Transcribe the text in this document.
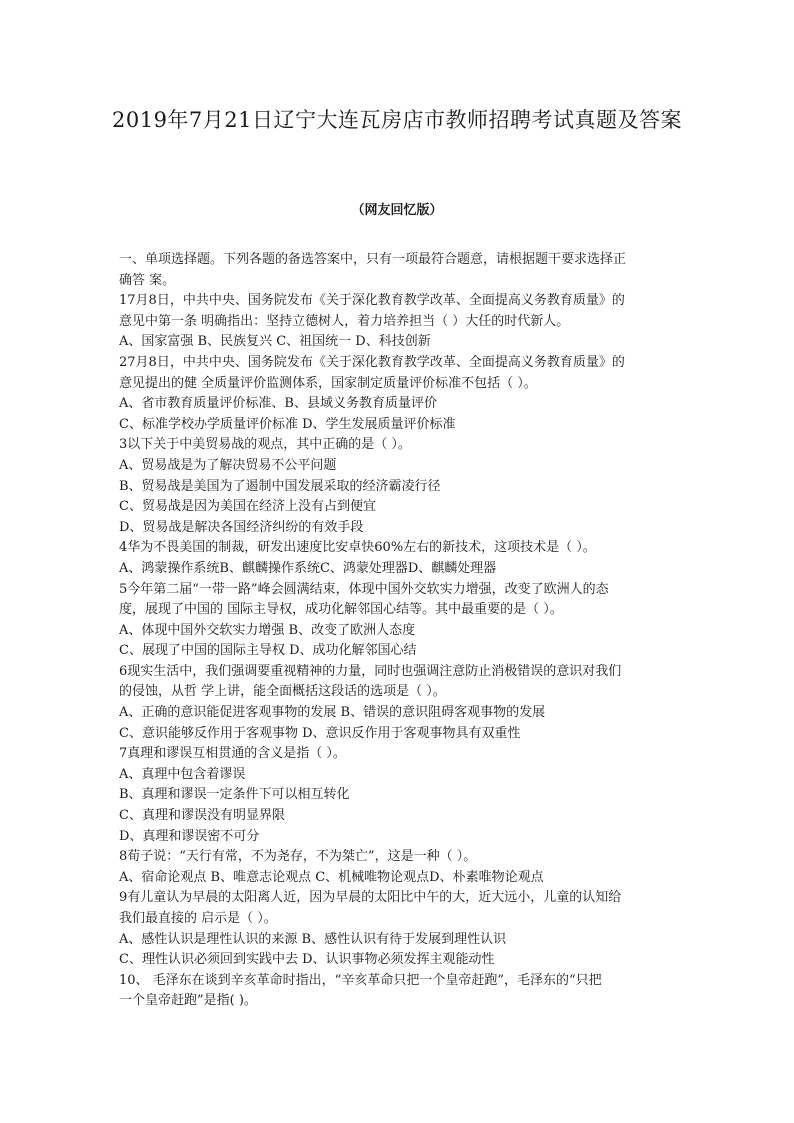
2019年7月21日辽宁大连瓦房店市教师招聘考试真题及答案
（网友回忆版）
一、单项选择题。下列各题的备选答案中，只有一项最符合题意，请根据题干要求选择正
确答 案。
17月8日，中共中央、国务院发布《关于深化教育教学改革、全面提高义务教育质量》的
意见中第一条 明确指出：坚持立德树人，着力培养担当（ ）大任的时代新人。
A、国家富强 B、民族复兴 C、祖国统一 D、科技创新
27月8日，中共中央、国务院发布《关于深化教育教学改革、全面提高义务教育质量》的
意见提出的健 全质量评价监测体系，国家制定质量评价标准不包括（ ）。
A、省市教育质量评价标准、B、县域义务教育质量评价
C、标准学校办学质量评价标准 D、学生发展质量评价标准
3以下关于中美贸易战的观点，其中正确的是（ ）。
A、贸易战是为了解决贸易不公平问题
B、贸易战是美国为了遏制中国发展采取的经济霸凌行径
C、贸易战是因为美国在经济上没有占到便宜
D、贸易战是解决各国经济纠纷的有效手段
4华为不畏美国的制裁，研发出速度比安卓快60%左右的新技术，这项技术是（ ）。
A、鸿蒙操作系统B、麒麟操作系统C、鸿蒙处理器D、麒麟处理器
5今年第二届“一带一路”峰会圆满结束，体现中国外交软实力增强，改变了欧洲人的态
度，展现了中国的 国际主导权，成功化解邻国心结等。其中最重要的是（ ）。
A、体现中国外交软实力增强 B、改变了欧洲人态度
C、展现了中国的国际主导权 D、成功化解邻国心结
6现实生活中，我们强调要重视精神的力量，同时也强调注意防止消极错误的意识对我们
的侵蚀，从哲 学上讲，能全面概括这段话的选项是（ ）。
A、正确的意识能促进客观事物的发展 B、错误的意识阻碍客观事物的发展
C、意识能够反作用于客观事物 D、意识反作用于客观事物具有双重性
7真理和谬误互相贯通的含义是指（ ）。
A、真理中包含着谬误
B、真理和谬误一定条件下可以相互转化
C、真理和谬误没有明显界限
D、真理和谬误密不可分
8荀子说：“天行有常，不为尧存，不为桀亡”，这是一种（ ）。
A、宿命论观点 B、唯意志论观点 C、机械唯物论观点D、朴素唯物论观点
9有儿童认为早晨的太阳离人近，因为早晨的太阳比中午的大，近大远小，儿童的认知给
我们最直接的 启示是（ ）。
A、感性认识是理性认识的来源 B、感性认识有待于发展到理性认识
C、理性认识必须回到实践中去 D、认识事物必须发挥主观能动性
10、 毛泽东在谈到辛亥革命时指出，“辛亥革命只把一个皇帝赶跑”，毛泽东的“只把
一个皇帝赶跑”是指( )。
